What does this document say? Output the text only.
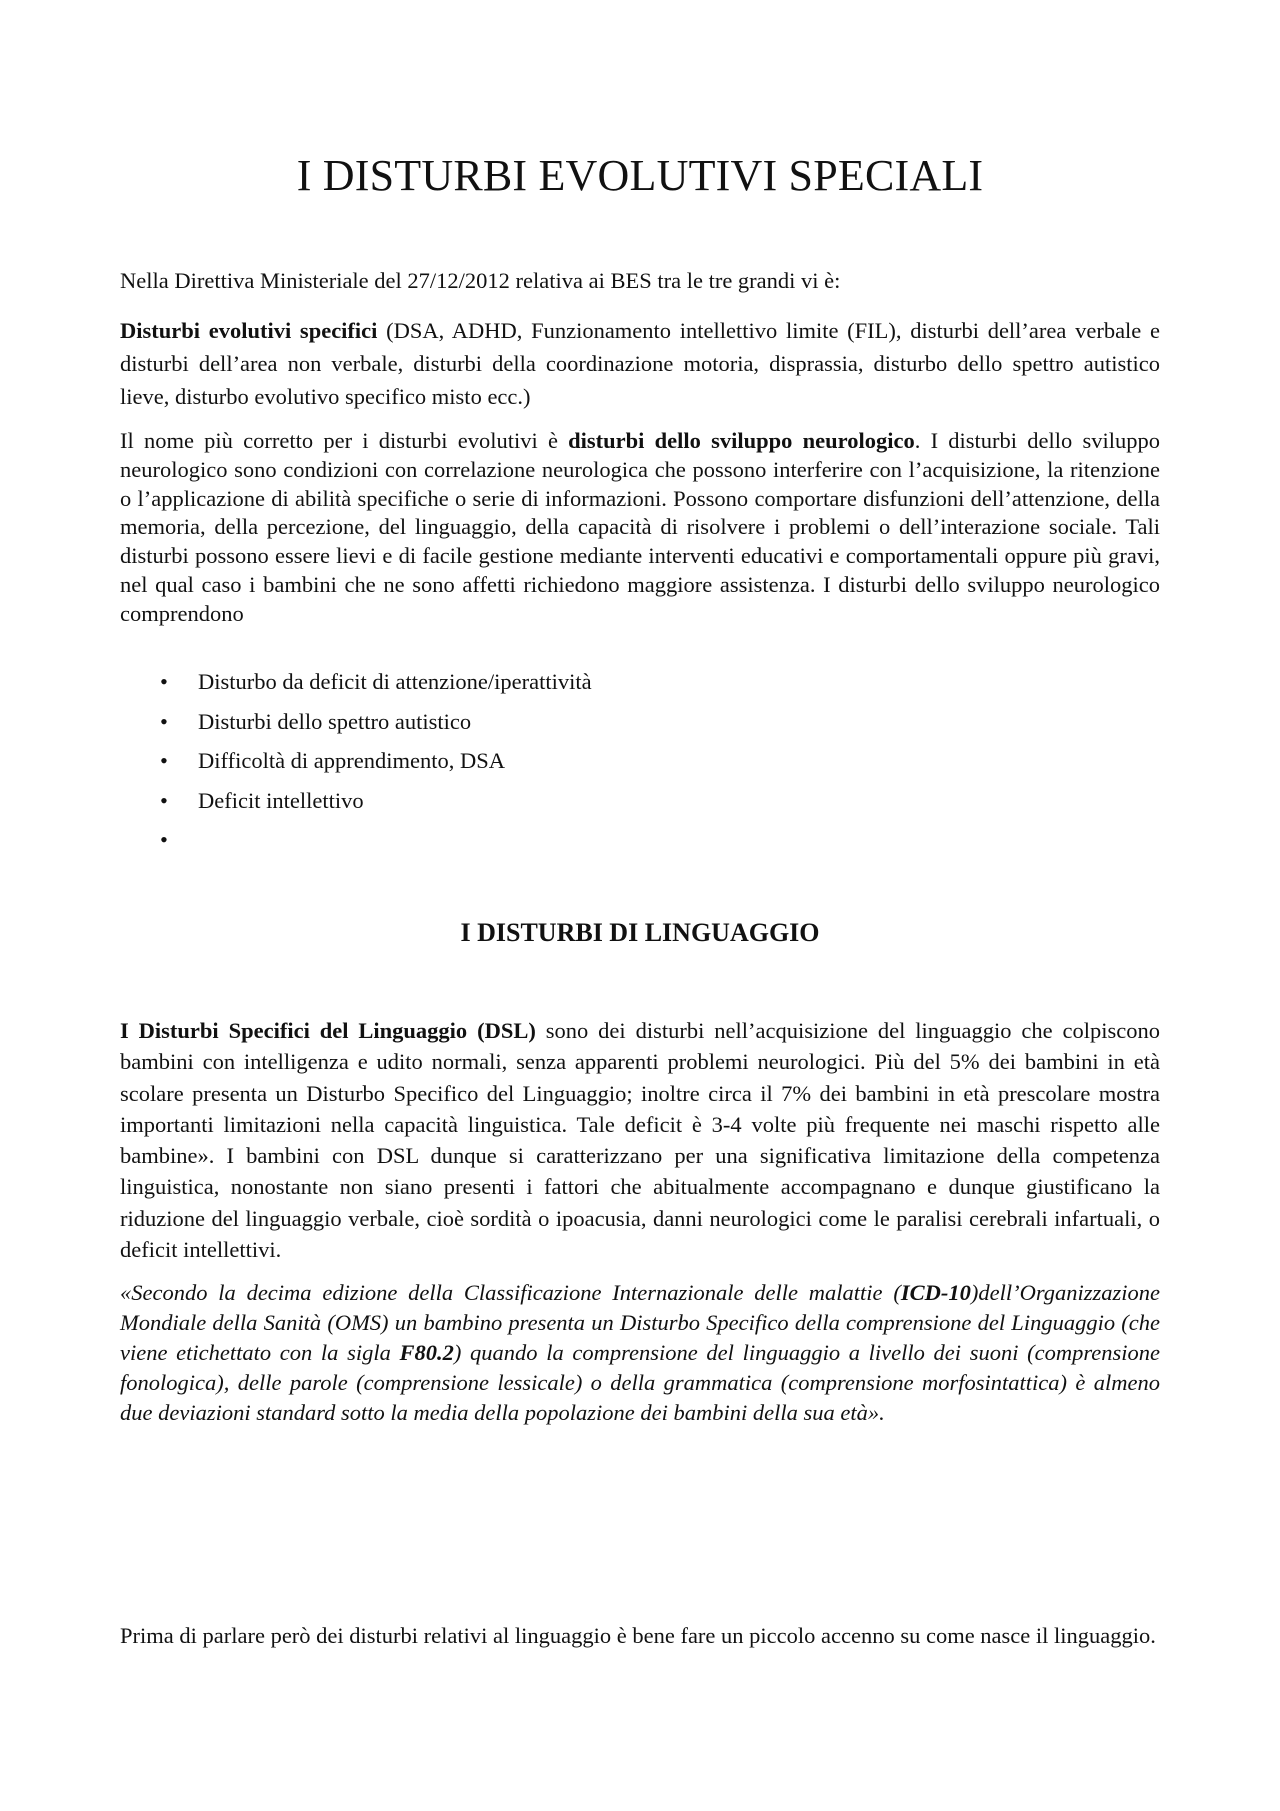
I DISTURBI EVOLUTIVI SPECIALI

Nella Direttiva Ministeriale del 27/12/2012 relativa ai BES tra le tre grandi vi è:

Disturbi evolutivi specifici (DSA, ADHD, Funzionamento intellettivo limite (FIL), disturbi dell’area verbale e disturbi dell’area non verbale, disturbi della coordinazione motoria, disprassia, disturbo dello spettro autistico lieve, disturbo evolutivo specifico misto ecc.)

Il nome più corretto per i disturbi evolutivi è disturbi dello sviluppo neurologico. I disturbi dello sviluppo neurologico sono condizioni con correlazione neurologica che possono interferire con l’acquisizione, la ritenzione o l’applicazione di abilità specifiche o serie di informazioni. Possono comportare disfunzioni dell’attenzione, della memoria, della percezione, del linguaggio, della capacità di risolvere i problemi o dell’interazione sociale. Tali disturbi possono essere lievi e di facile gestione mediante interventi educativi e comportamentali oppure più gravi, nel qual caso i bambini che ne sono affetti richiedono maggiore assistenza. I disturbi dello sviluppo neurologico comprendono

• Disturbo da deficit di attenzione/iperattività
• Disturbi dello spettro autistico
• Difficoltà di apprendimento, DSA
• Deficit intellettivo
•
I DISTURBI DI LINGUAGGIO

I Disturbi Specifici del Linguaggio (DSL) sono dei disturbi nell’acquisizione del linguaggio che colpiscono bambini con intelligenza e udito normali, senza apparenti problemi neurologici. Più del 5% dei bambini in età scolare presenta un Disturbo Specifico del Linguaggio; inoltre circa il 7% dei bambini in età prescolare mostra importanti limitazioni nella capacità linguistica. Tale deficit è 3-4 volte più frequente nei maschi rispetto alle bambine». I bambini con DSL dunque si caratterizzano per una significativa limitazione della competenza linguistica, nonostante non siano presenti i fattori che abitualmente accompagnano e dunque giustificano la riduzione del linguaggio verbale, cioè sordità o ipoacusia, danni neurologici come le paralisi cerebrali infartuali, o deficit intellettivi.

«Secondo la decima edizione della Classificazione Internazionale delle malattie (ICD-10)dell’Organizzazione Mondiale della Sanità (OMS) un bambino presenta un Disturbo Specifico della comprensione del Linguaggio (che viene etichettato con la sigla F80.2) quando la comprensione del linguaggio a livello dei suoni (comprensione fonologica), delle parole (comprensione lessicale) o della grammatica (comprensione morfosintattica) è almeno due deviazioni standard sotto la media della popolazione dei bambini della sua età».

Prima di parlare però dei disturbi relativi al linguaggio è bene fare un piccolo accenno su come nasce il linguaggio.
